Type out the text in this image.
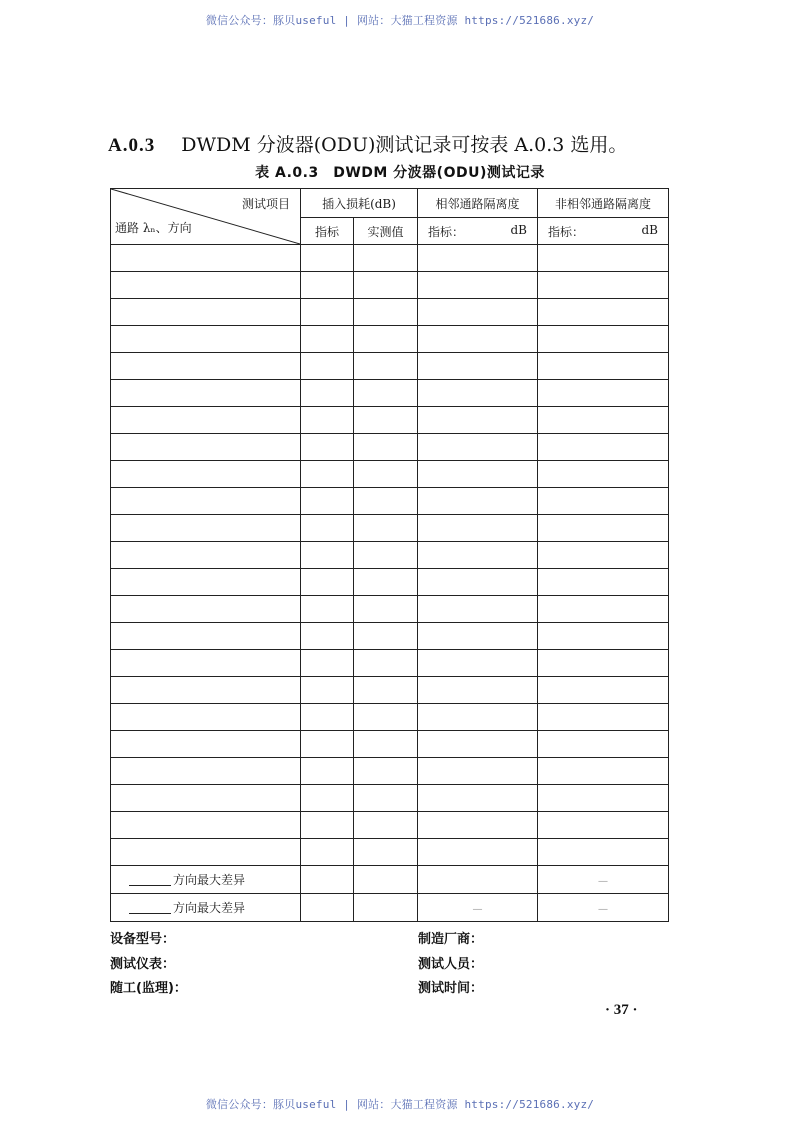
微信公众号：豚贝useful | 网站：大猫工程资源 https://521686.xyz/
A.0.3 DWDM 分波器(ODU)测试记录可按表 A.0.3 选用。
表 A.0.3　DWDM 分波器(ODU)测试记录
测试项目
通路 λₙ、方向	插入损耗(dB)		相邻通路隔离度	非相邻通路隔离度
	指标	实测值	指标： dB	指标： dB

方向最大差异				—
方向最大差异			—	—
设备型号：	制造厂商：
测试仪表：	测试人员：
随工(监理)：	测试时间：
· 37 ·
微信公众号：豚贝useful | 网站：大猫工程资源 https://521686.xyz/
